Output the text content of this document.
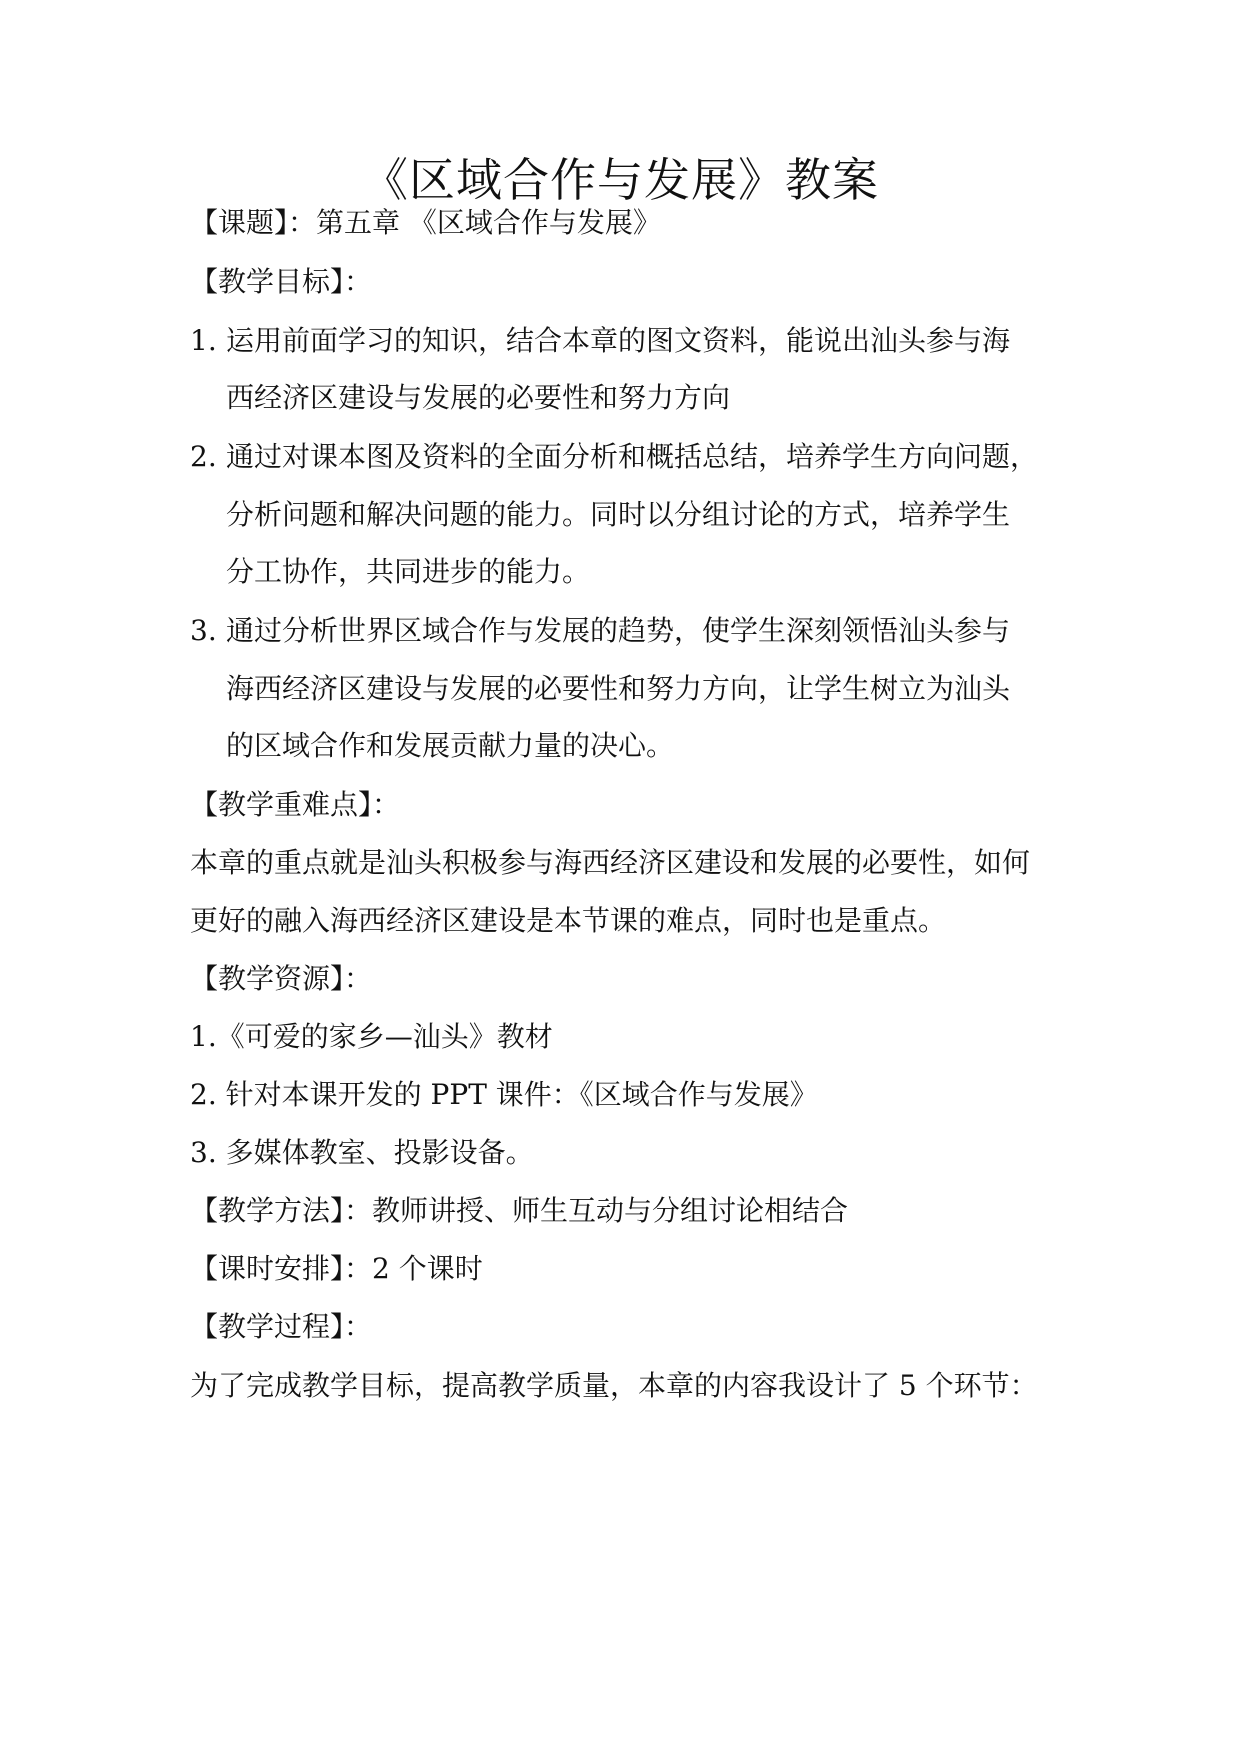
《区域合作与发展》教案
【课题】：第五章 《区域合作与发展》
【教学目标】：
1. 运用前面学习的知识，结合本章的图文资料，能说出汕头参与海
西经济区建设与发展的必要性和努力方向
2. 通过对课本图及资料的全面分析和概括总结，培养学生方向问题，
分析问题和解决问题的能力。同时以分组讨论的方式，培养学生
分工协作，共同进步的能力。
3. 通过分析世界区域合作与发展的趋势，使学生深刻领悟汕头参与
海西经济区建设与发展的必要性和努力方向，让学生树立为汕头
的区域合作和发展贡献力量的决心。
【教学重难点】：
本章的重点就是汕头积极参与海西经济区建设和发展的必要性，如何
更好的融入海西经济区建设是本节课的难点，同时也是重点。
【教学资源】：
1.《可爱的家乡—汕头》教材
2. 针对本课开发的 PPT 课件：《区域合作与发展》
3. 多媒体教室、投影设备。
【教学方法】：教师讲授、师生互动与分组讨论相结合
【课时安排】：2 个课时
【教学过程】：
为了完成教学目标，提高教学质量，本章的内容我设计了 5 个环节：
